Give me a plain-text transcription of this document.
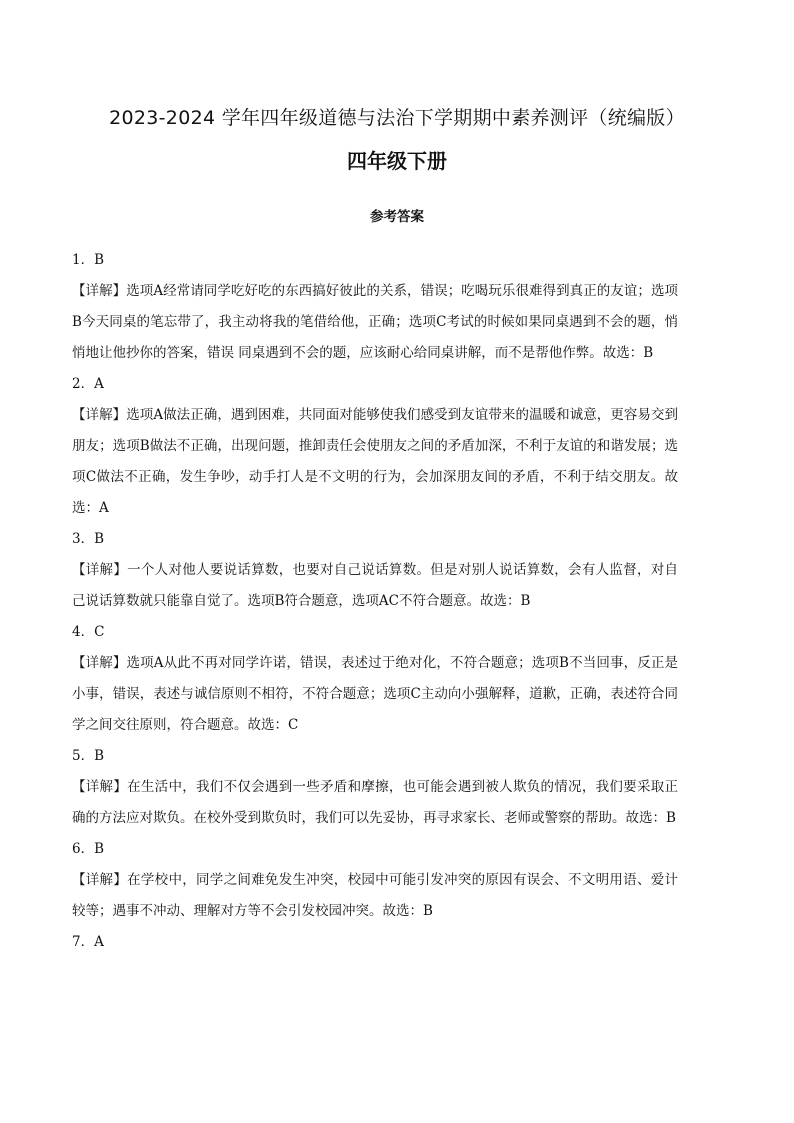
2023-2024 学年四年级道德与法治下学期期中素养测评（统编版）
四年级下册
参考答案
1．B
【详解】选项A经常请同学吃好吃的东西搞好彼此的关系，错误；吃喝玩乐很难得到真正的友谊；选项B今天同桌的笔忘带了，我主动将我的笔借给他，正确；选项C考试的时候如果同桌遇到不会的题，悄悄地让他抄你的答案，错误 同桌遇到不会的题，应该耐心给同桌讲解，而不是帮他作弊。故选：B
2．A
【详解】选项A做法正确，遇到困难，共同面对能够使我们感受到友谊带来的温暖和诚意，更容易交到朋友；选项B做法不正确，出现问题，推卸责任会使朋友之间的矛盾加深，不利于友谊的和谐发展；选项C做法不正确，发生争吵，动手打人是不文明的行为，会加深朋友间的矛盾，不利于结交朋友。故选：A
3．B
【详解】一个人对他人要说话算数，也要对自己说话算数。但是对别人说话算数，会有人监督，对自己说话算数就只能靠自觉了。选项B符合题意，选项AC不符合题意。故选：B
4．C
【详解】选项A从此不再对同学许诺，错误，表述过于绝对化，不符合题意；选项B不当回事，反正是小事，错误，表述与诚信原则不相符，不符合题意；选项C主动向小强解释，道歉，正确，表述符合同学之间交往原则，符合题意。故选：C
5．B
【详解】在生活中，我们不仅会遇到一些矛盾和摩擦，也可能会遇到被人欺负的情况，我们要采取正确的方法应对欺负。在校外受到欺负时，我们可以先妥协，再寻求家长、老师或警察的帮助。故选：B
6．B
【详解】在学校中，同学之间难免发生冲突，校园中可能引发冲突的原因有误会、不文明用语、爱计较等；遇事不冲动、理解对方等不会引发校园冲突。故选：B
7．A
